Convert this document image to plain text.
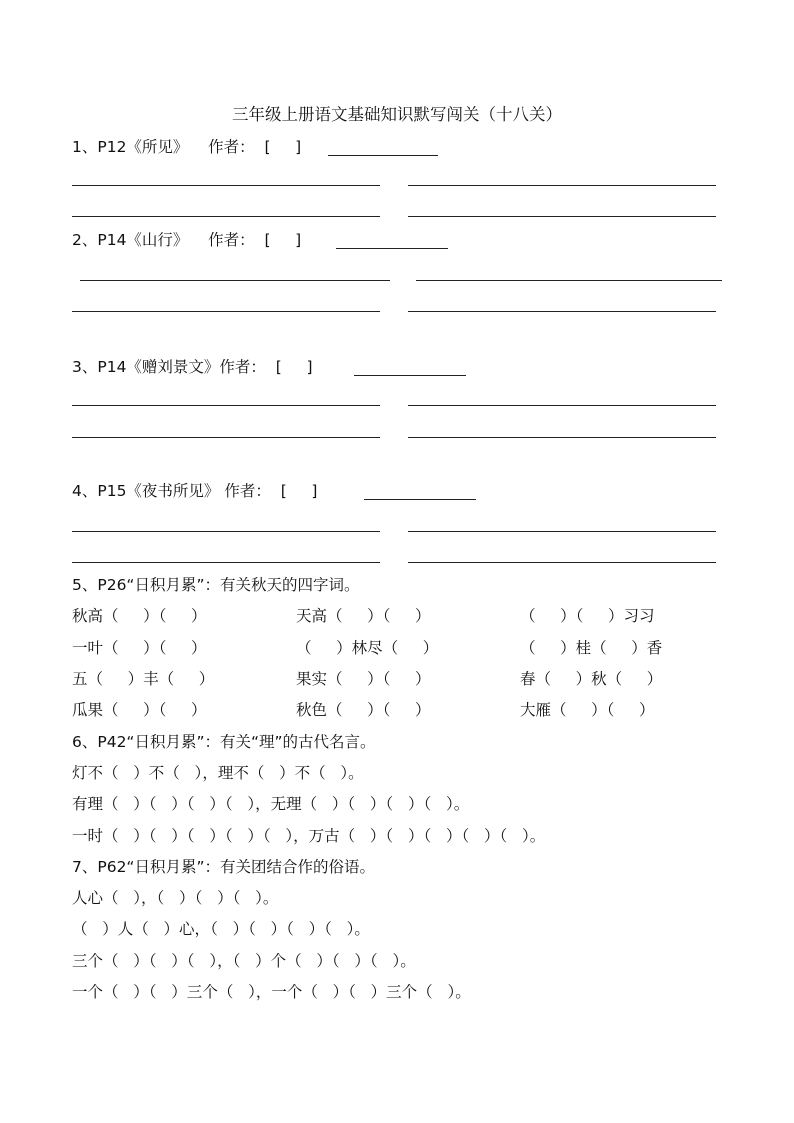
三年级上册语文基础知识默写闯关（十八关）
1、P12《所见》    作者：  [     ]
2、P14《山行》    作者：  [     ]
3、P14《赠刘景文》作者：  [     ]
4、P15《夜书所见》 作者：  [     ]
5、P26“日积月累”：有关秋天的四字词。
秋高（     ）（     ）	天高（     ）（     ）	（     ）（     ）习习
一叶（     ）（     ）	（     ）林尽（     ）	（     ）桂（     ）香
五（     ）丰（     ）	果实（     ）（     ）	春（     ）秋（     ）
瓜果（     ）（     ）	秋色（     ）（     ）	大雁（     ）（     ）
6、P42“日积月累”：有关“理”的古代名言。
灯不（   ）不（   ），理不（   ）不（   ）。
有理（   ）（   ）（   ）（   ），无理（   ）（   ）（   ）（   ）。
一时（   ）（   ）（   ）（   ）（   ），万古（   ）（   ）（   ）（   ）（   ）。
7、P62“日积月累”：有关团结合作的俗语。
人心（   ），（   ）（   ）（   ）。
（   ）人（   ）心，（   ）（   ）（   ）（   ）。
三个（   ）（   ）（   ），（   ）个（   ）（   ）（   ）。
一个（   ）（   ）三个（   ），一个（   ）（   ）三个（   ）。
